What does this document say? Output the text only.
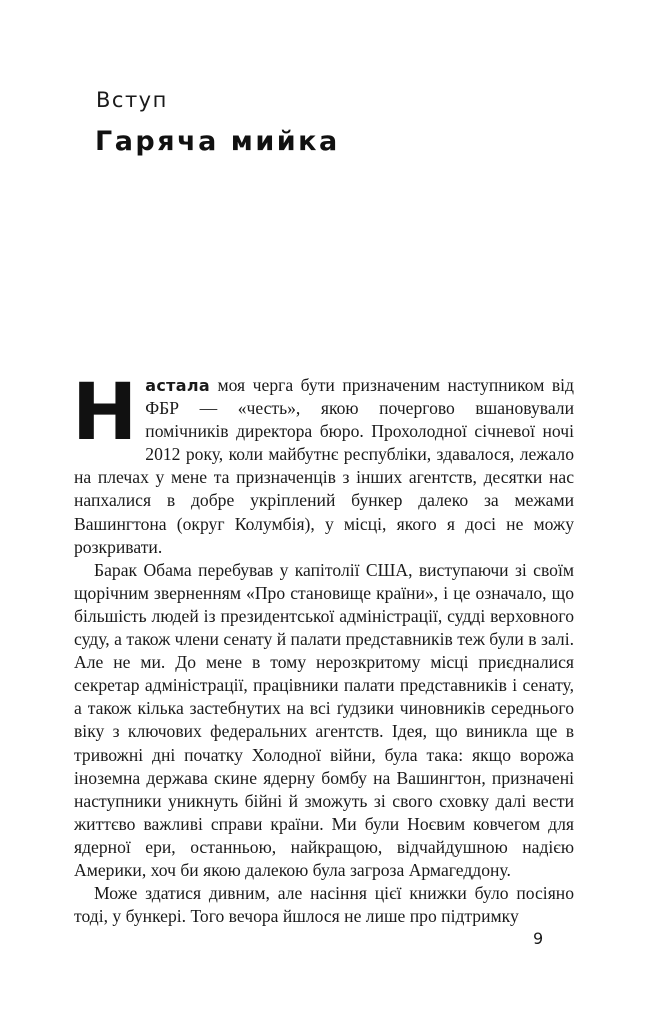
Вступ
Гаряча мийка

Настала моя черга бути призначеним наступником від ФБР — «честь», якою почергово вшановували помічників директора бюро. Прохолодної січневої ночі 2012 року, коли майбутнє республіки, здавалося, лежало на плечах у мене та призначенців з інших агентств, десятки нас напхалися в добре укріплений бункер далеко за межами Вашингтона (округ Колумбія), у місці, якого я досі не можу розкривати.

Барак Обама перебував у капітолії США, виступаючи зі своїм щорічним зверненням «Про становище країни», і це означало, що більшість людей із президентської адміністрації, судді верховного суду, а також члени сенату й палати представників теж були в залі. Але не ми. До мене в тому нерозкритому місці приєдналися секретар адміністрації, працівники палати представників і сенату, а також кілька застебнутих на всі ґудзики чиновників середнього віку з ключових федеральних агентств. Ідея, що виникла ще в тривожні дні початку Холодної війни, була така: якщо ворожа іноземна держава скине ядерну бомбу на Вашингтон, призначені наступники уникнуть бійні й зможуть зі свого сховку далі вести життєво важливі справи країни. Ми були Ноєвим ковчегом для ядерної ери, останньою, найкращою, відчайдушною надією Америки, хоч би якою далекою була загроза Армагеддону.

Може здатися дивним, але насіння цієї книжки було посіяно тоді, у бункері. Того вечора йшлося не лише про підтримку

9
